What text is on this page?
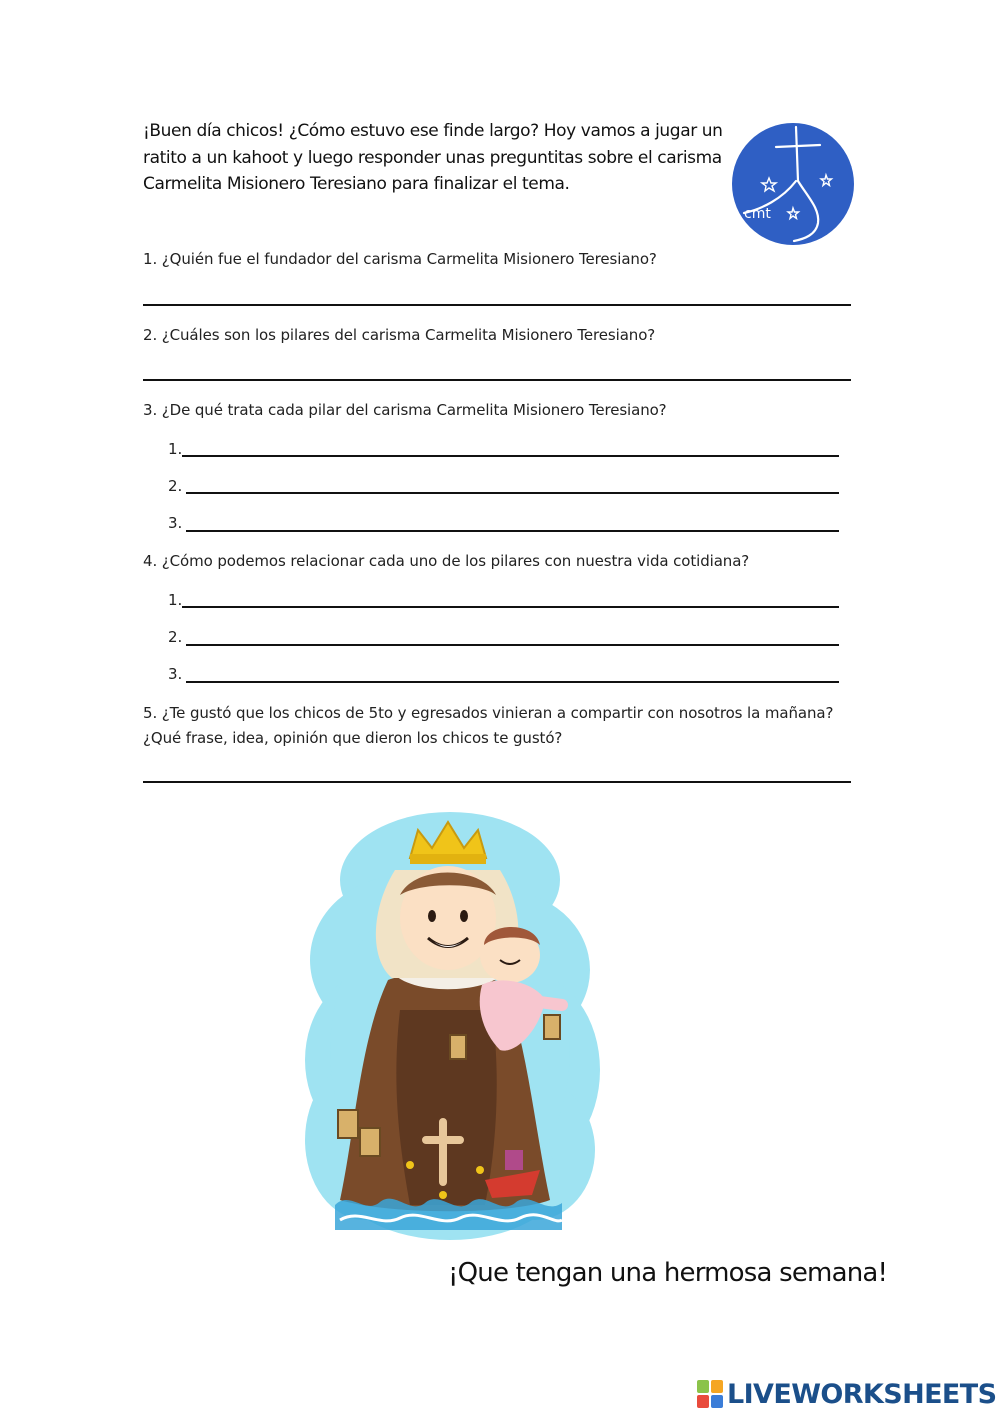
¡Buen día chicos! ¿Cómo estuvo ese finde largo? Hoy vamos a jugar un
ratito a un kahoot y luego responder unas preguntitas sobre el carisma
Carmelita Misionero Teresiano para finalizar el tema.
cmt
1. ¿Quién fue el fundador del carisma Carmelita Misionero Teresiano?
2. ¿Cuáles son los pilares del carisma Carmelita Misionero Teresiano?
3. ¿De qué trata cada pilar del carisma Carmelita Misionero Teresiano?
1.
2.
3.
4. ¿Cómo podemos relacionar cada uno de los pilares con nuestra vida cotidiana?
1.
2.
3.
5. ¿Te gustó que los chicos de 5to y egresados vinieran a compartir con nosotros la mañana?
¿Qué frase, idea, opinión que dieron los chicos te gustó?
¡Que tengan una hermosa semana!
LIVEWORKSHEETS
